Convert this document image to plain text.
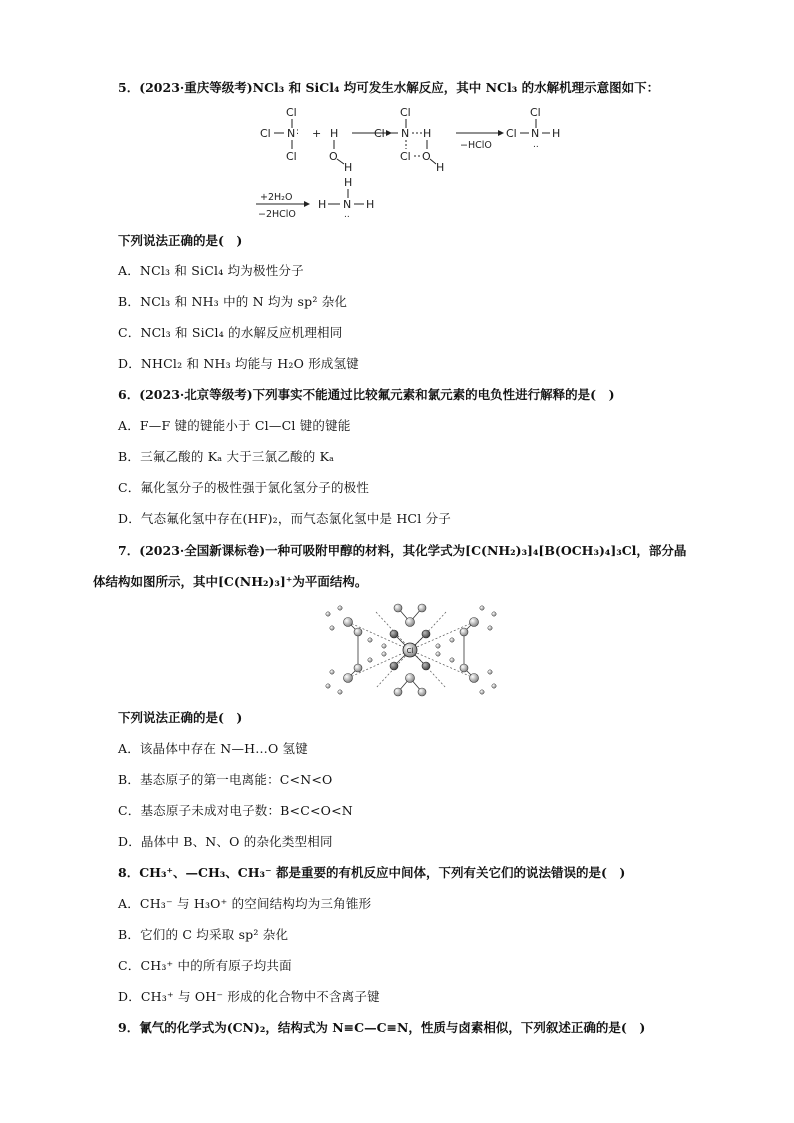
5．(2023·重庆等级考)NCl₃ 和 SiCl₄ 均可发生水解反应，其中 NCl₃ 的水解机理示意图如下：
Cl
Cl N :
Cl
+ H
O
H
Cl
Cl N H
Cl O
H
−HClO
Cl
Cl N H
..
+2H₂O
−2HClO
H
H N H
..
下列说法正确的是(　)
A．NCl₃ 和 SiCl₄ 均为极性分子
B．NCl₃ 和 NH₃ 中的 N 均为 sp² 杂化
C．NCl₃ 和 SiCl₄ 的水解反应机理相同
D．NHCl₂ 和 NH₃ 均能与 H₂O 形成氢键
6．(2023·北京等级考)下列事实不能通过比较氟元素和氯元素的电负性进行解释的是(　)
A．F—F 键的键能小于 Cl—Cl 键的键能
B．三氟乙酸的 Kₐ 大于三氯乙酸的 Kₐ
C．氟化氢分子的极性强于氯化氢分子的极性
D．气态氟化氢中存在(HF)₂，而气态氯化氢中是 HCl 分子
7．(2023·全国新课标卷)一种可吸附甲醇的材料，其化学式为[C(NH₂)₃]₄[B(OCH₃)₄]₃Cl，部分晶
体结构如图所示，其中[C(NH₂)₃]⁺为平面结构。
Cl
下列说法正确的是(　)
A．该晶体中存在 N—H…O 氢键
B．基态原子的第一电离能：C<N<O
C．基态原子未成对电子数：B<C<O<N
D．晶体中 B、N、O 的杂化类型相同
8．CH₃⁺、—CH₃、CH₃⁻ 都是重要的有机反应中间体，下列有关它们的说法错误的是(　)
A．CH₃⁻ 与 H₃O⁺ 的空间结构均为三角锥形
B．它们的 C 均采取 sp² 杂化
C．CH₃⁺ 中的所有原子均共面
D．CH₃⁺ 与 OH⁻ 形成的化合物中不含离子键
9．氰气的化学式为(CN)₂，结构式为 N≡C—C≡N，性质与卤素相似，下列叙述正确的是(　)
